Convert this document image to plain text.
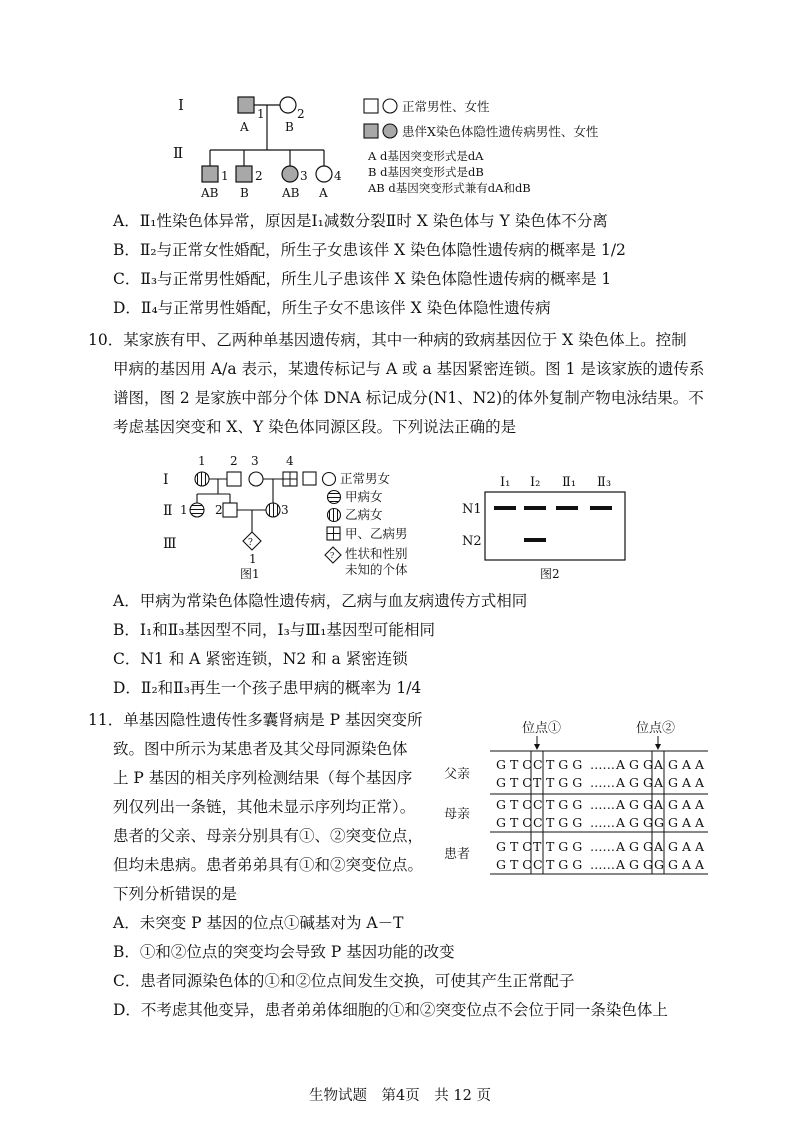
Ⅰ
Ⅱ
1	2
A	B
1 2	3 4
AB B	AB A
正常男性、女性
患伴X染色体隐性遗传病男性、女性
A d基因突变形式是dA
B d基因突变形式是dB
AB d基因突变形式兼有dA和dB
A．Ⅱ₁性染色体异常，原因是Ⅰ₁减数分裂Ⅱ时 X 染色体与 Y 染色体不分离
B．Ⅱ₂与正常女性婚配，所生子女患该伴 X 染色体隐性遗传病的概率是 1/2
C．Ⅱ₃与正常男性婚配，所生儿子患该伴 X 染色体隐性遗传病的概率是 1
D．Ⅱ₄与正常男性婚配，所生子女不患该伴 X 染色体隐性遗传病
10．某家族有甲、乙两种单基因遗传病，其中一种病的致病基因位于 X 染色体上。控制
甲病的基因用 A/a 表示，某遗传标记与 A 或 a 基因紧密连锁。图 1 是该家族的遗传系
谱图，图 2 是家族中部分个体 DNA 标记成分(N1、N2)的体外复制产物电泳结果。不
考虑基因突变和 X、Y 染色体同源区段。下列说法正确的是
Ⅰ
Ⅱ
Ⅲ
1 2 3 4
1 2	3
?
1
图1
正常男女
甲病女
乙病女
甲、乙病男
? 性状和性别
未知的个体
Ⅰ₁ Ⅰ₂ Ⅱ₁ Ⅱ₃
N1
N2
图2
A．甲病为常染色体隐性遗传病，乙病与血友病遗传方式相同
B．Ⅰ₁和Ⅱ₃基因型不同，Ⅰ₃与Ⅲ₁基因型可能相同
C．N1 和 A 紧密连锁，N2 和 a 紧密连锁
D．Ⅱ₂和Ⅱ₃再生一个孩子患甲病的概率为 1/4
11．单基因隐性遗传性多囊肾病是 P 基因突变所
致。图中所示为某患者及其父母同源染色体
上 P 基因的相关序列检测结果（每个基因序
列仅列出一条链，其他未显示序列均正常）。
患者的父亲、母亲分别具有①、②突变位点，
但均未患病。患者弟弟具有①和②突变位点。
下列分析错误的是
位点①	位点②
父亲
母亲
患者
G T C C T G G …… A G G A G A A
G T C T T G G …… A G G A G A A
G T C C T G G …… A G G A G A A
G T C C T G G …… A G G G G A A
G T C T T G G …… A G G A G A A
G T C C T G G …… A G G G G A A
A．未突变 P 基因的位点①碱基对为 A－T
B．①和②位点的突变均会导致 P 基因功能的改变
C．患者同源染色体的①和②位点间发生交换，可使其产生正常配子
D．不考虑其他变异，患者弟弟体细胞的①和②突变位点不会位于同一条染色体上
生物试题　第4页　共 12 页
